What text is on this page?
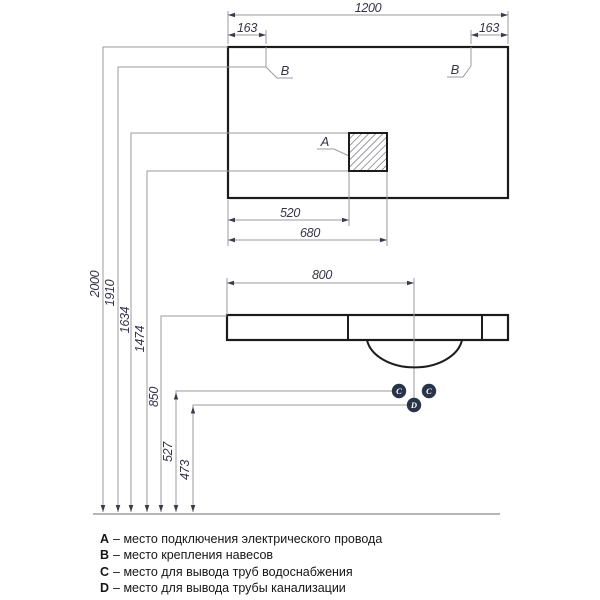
C	C
D
1200
163	163
520
680
800
2000 1910
1634
1474
850
527
473
A
B	B
A – место подключения электрического провода
B – место крепления навесов
C – место для вывода труб водоснабжения
D – место для вывода трубы канализации
